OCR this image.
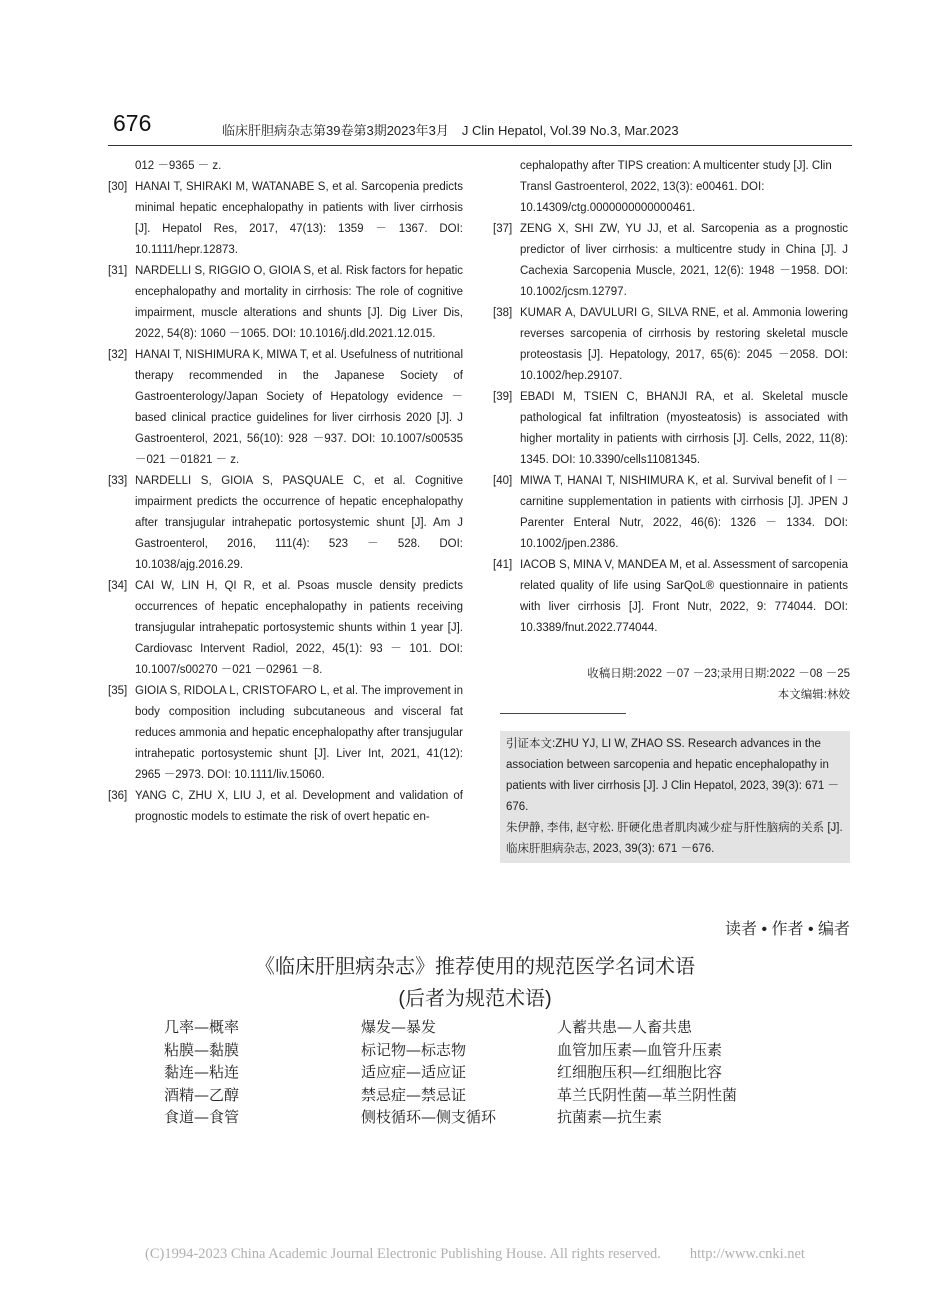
676	临床肝胆病杂志第39卷第3期2023年3月　J Clin Hepatol, Vol.39 No.3, Mar.2023
012 －9365 － z.
[30] HANAI T, SHIRAKI M, WATANABE S, et al. Sarcopenia predicts minimal hepatic encephalopathy in patients with liver cirrhosis [J]. Hepatol Res, 2017, 47(13): 1359 － 1367. DOI: 10.1111/hepr.12873.
[31] NARDELLI S, RIGGIO O, GIOIA S, et al. Risk factors for hepatic encephalopathy and mortality in cirrhosis: The role of cognitive impairment, muscle alterations and shunts [J]. Dig Liver Dis, 2022, 54(8): 1060 －1065. DOI: 10.1016/j.dld.2021.12.015.
[32] HANAI T, NISHIMURA K, MIWA T, et al. Usefulness of nutritional therapy recommended in the Japanese Society of Gastroenterology/Japan Society of Hepatology evidence － based clinical practice guidelines for liver cirrhosis 2020 [J]. J Gastroenterol, 2021, 56(10): 928 －937. DOI: 10.1007/s00535 －021 －01821 － z.
[33] NARDELLI S, GIOIA S, PASQUALE C, et al. Cognitive impairment predicts the occurrence of hepatic encephalopathy after transjugular intrahepatic portosystemic shunt [J]. Am J Gastroenterol, 2016, 111(4): 523 － 528. DOI: 10.1038/ajg.2016.29.
[34] CAI W, LIN H, QI R, et al. Psoas muscle density predicts occurrences of hepatic encephalopathy in patients receiving transjugular intrahepatic portosystemic shunts within 1 year [J]. Cardiovasc Intervent Radiol, 2022, 45(1): 93 － 101. DOI: 10.1007/s00270 －021 －02961 －8.
[35] GIOIA S, RIDOLA L, CRISTOFARO L, et al. The improvement in body composition including subcutaneous and visceral fat reduces ammonia and hepatic encephalopathy after transjugular intrahepatic portosystemic shunt [J]. Liver Int, 2021, 41(12): 2965 －2973. DOI: 10.1111/liv.15060.
[36] YANG C, ZHU X, LIU J, et al. Development and validation of prognostic models to estimate the risk of overt hepatic en-
cephalopathy after TIPS creation: A multicenter study [J]. Clin Transl Gastroenterol, 2022, 13(3): e00461. DOI: 10.14309/ctg.0000000000000461.
[37] ZENG X, SHI ZW, YU JJ, et al. Sarcopenia as a prognostic predictor of liver cirrhosis: a multicentre study in China [J]. J Cachexia Sarcopenia Muscle, 2021, 12(6): 1948 －1958. DOI: 10.1002/jcsm.12797.
[38] KUMAR A, DAVULURI G, SILVA RNE, et al. Ammonia lowering reverses sarcopenia of cirrhosis by restoring skeletal muscle proteostasis [J]. Hepatology, 2017, 65(6): 2045 －2058. DOI: 10.1002/hep.29107.
[39] EBADI M, TSIEN C, BHANJI RA, et al. Skeletal muscle pathological fat infiltration (myosteatosis) is associated with higher mortality in patients with cirrhosis [J]. Cells, 2022, 11(8): 1345. DOI: 10.3390/cells11081345.
[40] MIWA T, HANAI T, NISHIMURA K, et al. Survival benefit of l － carnitine supplementation in patients with cirrhosis [J]. JPEN J Parenter Enteral Nutr, 2022, 46(6): 1326 － 1334. DOI: 10.1002/jpen.2386.
[41] IACOB S, MINA V, MANDEA M, et al. Assessment of sarcopenia related quality of life using SarQoL® questionnaire in patients with liver cirrhosis [J]. Front Nutr, 2022, 9: 774044. DOI: 10.3389/fnut.2022.774044.
收稿日期:2022 －07 －23;录用日期:2022 －08 －25
本文编辑:林姣
引证本文:ZHU YJ, LI W, ZHAO SS. Research advances in the association between sarcopenia and hepatic encephalopathy in patients with liver cirrhosis [J]. J Clin Hepatol, 2023, 39(3): 671 －676.
朱伊静, 李伟, 赵守松. 肝硬化患者肌肉减少症与肝性脑病的关系 [J]. 临床肝胆病杂志, 2023, 39(3): 671 －676.
读者 • 作者 • 编者
《临床肝胆病杂志》推荐使用的规范医学名词术语
(后者为规范术语)
几率—概率
粘膜—黏膜
黏连—粘连
酒精—乙醇
食道—食管
爆发—暴发
标记物—标志物
适应症—适应证
禁忌症—禁忌证
侧枝循环—侧支循环
人蓄共患—人畜共患
血管加压素—血管升压素
红细胞压积—红细胞比容
革兰氏阴性菌—革兰阴性菌
抗菌素—抗生素
(C)1994-2023 China Academic Journal Electronic Publishing House. All rights reserved.　　http://www.cnki.net
